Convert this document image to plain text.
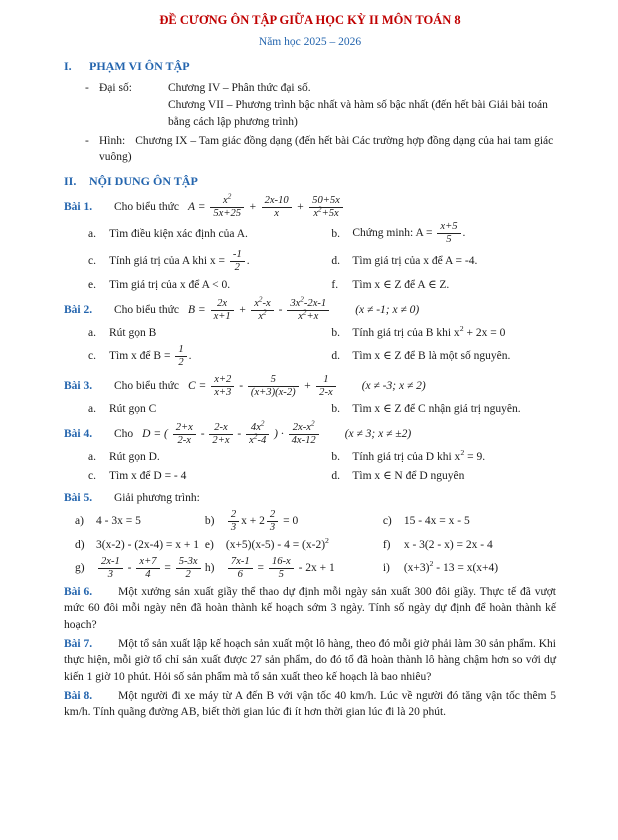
ĐỀ CƯƠNG ÔN TẬP GIỮA HỌC KỲ II MÔN TOÁN 8
Năm học 2025 – 2026
I.	PHẠM VI ÔN TẬP
- Đại số:	Chương IV – Phân thức đại số.
Chương VII – Phương trình bậc nhất và hàm số bậc nhất (đến hết bài Giải bài toán bằng cách lập phương trình)
- Hình: Chương IX – Tam giác đồng dạng (đến hết bài Các trường hợp đồng dạng của hai tam giác vuông)
II.	NỘI DUNG ÔN TẬP
Bài 1.	Cho biểu thức $A = \frac{x^2}{5x+25} + \frac{2x-10}{x} + \frac{50+5x}{x^2+5x}$
a.	Tìm điều kiện xác định của A.	b.	Chứng minh: $A = \frac{x+5}{5}$ .
c.	Tính giá trị của A khi $x = \frac{-1}{2}$ .	d.	Tìm giá trị của x để A = -4.
e.	Tìm giá trị của x để A < 0.	f.	Tìm x ∈ Z để A ∈ Z.
Bài 2.	Cho biểu thức $B = \frac{2x}{x+1} + \frac{x^2-x}{x^2} - \frac{3x^2-2x-1}{x^2+x} (x \ne -1$; x ≠ 0)
a.	Rút gọn B	b.	Tính giá trị của B khi $x^2 + 2x = 0$
c.	Tìm x để $B = \frac{1}{2}$ .	d.	Tìm x ∈ Z để B là một số nguyên.
Bài 3.	Cho biểu thức $C = \frac{x+2}{x+3} - \frac{5}{(x+3)(x-2)} + \frac{1}{2-x} (x \ne -3$; x ≠ 2)
a.	Rút gọn C	b.	Tìm x ∈ Z để C nhận giá trị nguyên.
Bài 4.	Cho D = ( $\frac{2+x}{2-x} - \frac{2-x}{2+x} - \frac{4x^2}{x^2-4}$ ) · $\frac{2x-x^2}{4x-12} (x \ne 3$; x ≠ ±2)
a.	Rút gọn D.	b.	Tính giá trị của D khi $x^2 = 9$.
c.	Tìm x để D = - 4	d.	Tìm x ∈ N để D nguyên
Bài 5.	Giải phương trình:
a)	4 - 3x = 5	b)	$\frac{2}{3}$ $x + 2 \frac{2}{3} = 0$	c)	15 - 4x = x - 5
d) 3(x-2) - (2x-4) = x + 1 e)	$(x+5)(x-5) - 4 = (x-2)^2$	f)	x - 3(2 - x) = 2x - 4
g)	$\frac{2x-1}{3} - \frac{x+7}{4} = \frac{5-3x}{2} h$)	$\frac{7x-1}{6} = \frac{16-x}{5} - 2x + 1$	i)	$(x+3)^2 - 13 = x(x+4)$

Bài 6. Một xưởng sản xuất giầy thể thao dự định mỗi ngày sản xuất 300 đôi giầy. Thực tế đã vượt mức 60 đôi mỗi ngày nên đã hoàn thành kế hoạch sớm 3 ngày. Tính số ngày dự định để hoàn thành kế hoạch?

Bài 7. Một tổ sản xuất lập kế hoạch sản xuất một lô hàng, theo đó mỗi giờ phải làm 30 sản phẩm. Khi thực hiện, mỗi giờ tổ chỉ sản xuất được 27 sản phẩm, do đó tổ đã hoàn thành lô hàng chậm hơn so với dự kiến 1 giờ 10 phút. Hỏi số sản phẩm mà tổ sản xuất theo kế hoạch là bao nhiêu?

Bài 8. Một người đi xe máy từ A đến B với vận tốc 40 km/h. Lúc về người đó tăng vận tốc thêm 5 km/h. Tính quãng đường AB, biết thời gian lúc đi ít hơn thời gian lúc đi là 20 phút.
